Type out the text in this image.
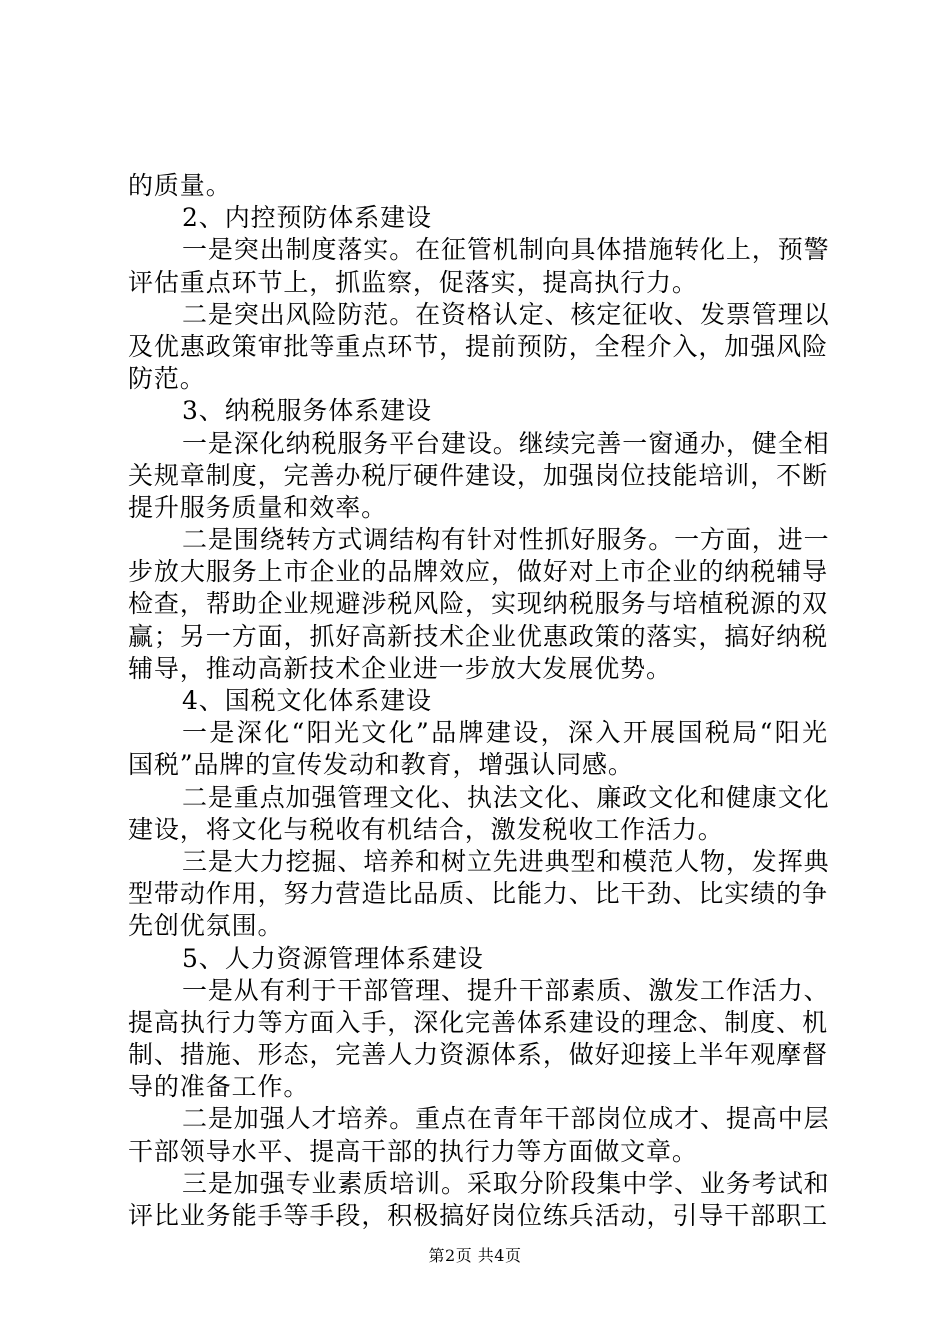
的质量。
2、内控预防体系建设
一是突出制度落实。在征管机制向具体措施转化上，预警
评估重点环节上，抓监察，促落实，提高执行力。
二是突出风险防范。在资格认定、核定征收、发票管理以
及优惠政策审批等重点环节，提前预防，全程介入，加强风险
防范。
3、纳税服务体系建设
一是深化纳税服务平台建设。继续完善一窗通办，健全相
关规章制度，完善办税厅硬件建设，加强岗位技能培训，不断
提升服务质量和效率。
二是围绕转方式调结构有针对性抓好服务。一方面，进一
步放大服务上市企业的品牌效应，做好对上市企业的纳税辅导
检查，帮助企业规避涉税风险，实现纳税服务与培植税源的双
赢；另一方面，抓好高新技术企业优惠政策的落实，搞好纳税
辅导，推动高新技术企业进一步放大发展优势。
4、国税文化体系建设
一是深化“阳光文化”品牌建设，深入开展国税局“阳光
国税”品牌的宣传发动和教育，增强认同感。
二是重点加强管理文化、执法文化、廉政文化和健康文化
建设，将文化与税收有机结合，激发税收工作活力。
三是大力挖掘、培养和树立先进典型和模范人物，发挥典
型带动作用，努力营造比品质、比能力、比干劲、比实绩的争
先创优氛围。
5、人力资源管理体系建设
一是从有利于干部管理、提升干部素质、激发工作活力、
提高执行力等方面入手，深化完善体系建设的理念、制度、机
制、措施、形态，完善人力资源体系，做好迎接上半年观摩督
导的准备工作。
二是加强人才培养。重点在青年干部岗位成才、提高中层
干部领导水平、提高干部的执行力等方面做文章。
三是加强专业素质培训。采取分阶段集中学、业务考试和
评比业务能手等手段，积极搞好岗位练兵活动，引导干部职工
第2页 共4页
